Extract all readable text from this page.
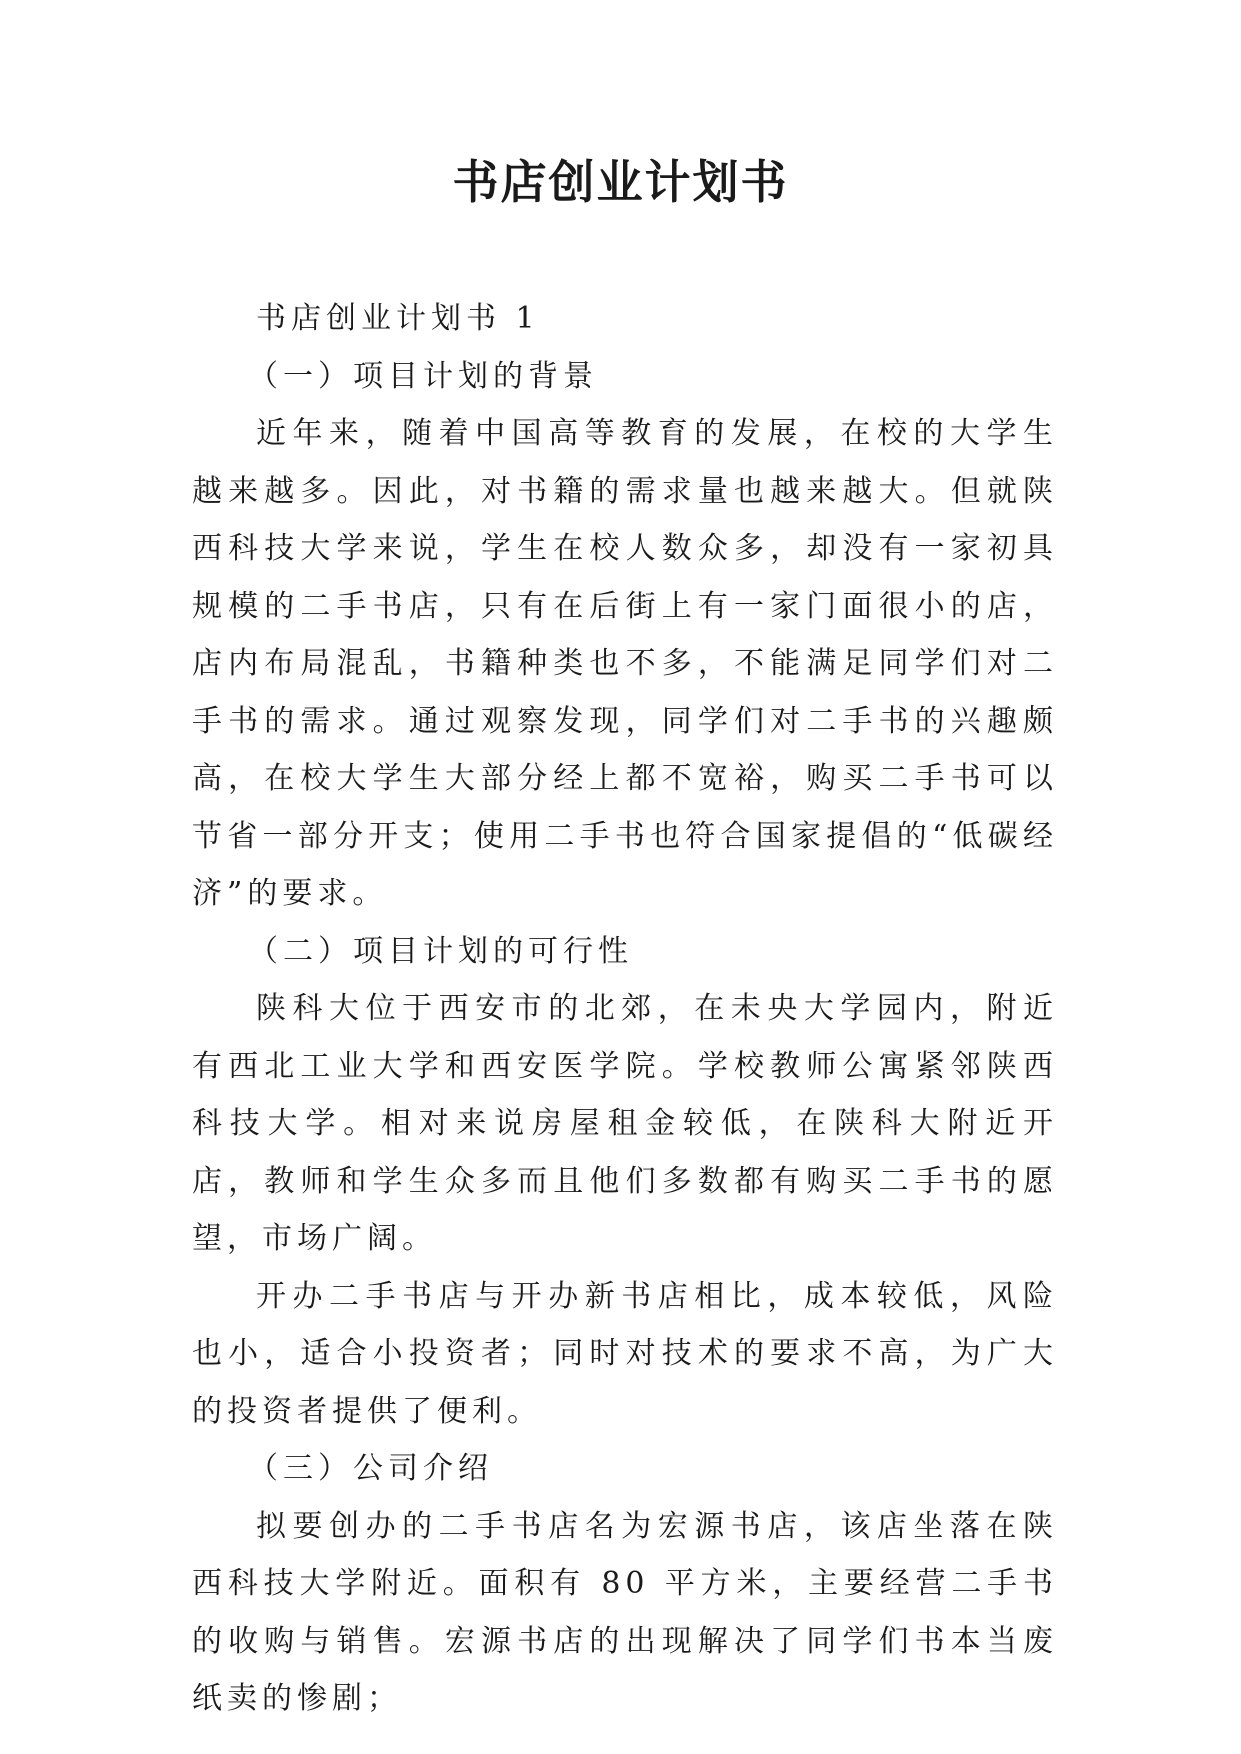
书店创业计划书

书店创业计划书 1

（一）项目计划的背景

近年来，随着中国高等教育的发展，在校的大学生越来越多。因此，对书籍的需求量也越来越大。但就陕西科技大学来说，学生在校人数众多，却没有一家初具规模的二手书店，只有在后街上有一家门面很小的店，店内布局混乱，书籍种类也不多，不能满足同学们对二手书的需求。通过观察发现，同学们对二手书的兴趣颇高，在校大学生大部分经上都不宽裕，购买二手书可以节省一部分开支；使用二手书也符合国家提倡的“低碳经济”的要求。

（二）项目计划的可行性

陕科大位于西安市的北郊，在未央大学园内，附近有西北工业大学和西安医学院。学校教师公寓紧邻陕西科技大学。相对来说房屋租金较低，在陕科大附近开店，教师和学生众多而且他们多数都有购买二手书的愿望，市场广阔。

开办二手书店与开办新书店相比，成本较低，风险也小，适合小投资者；同时对技术的要求不高，为广大的投资者提供了便利。

（三）公司介绍

拟要创办的二手书店名为宏源书店，该店坐落在陕西科技大学附近。面积有 80 平方米，主要经营二手书的收购与销售。宏源书店的出现解决了同学们书本当废纸卖的惨剧；
